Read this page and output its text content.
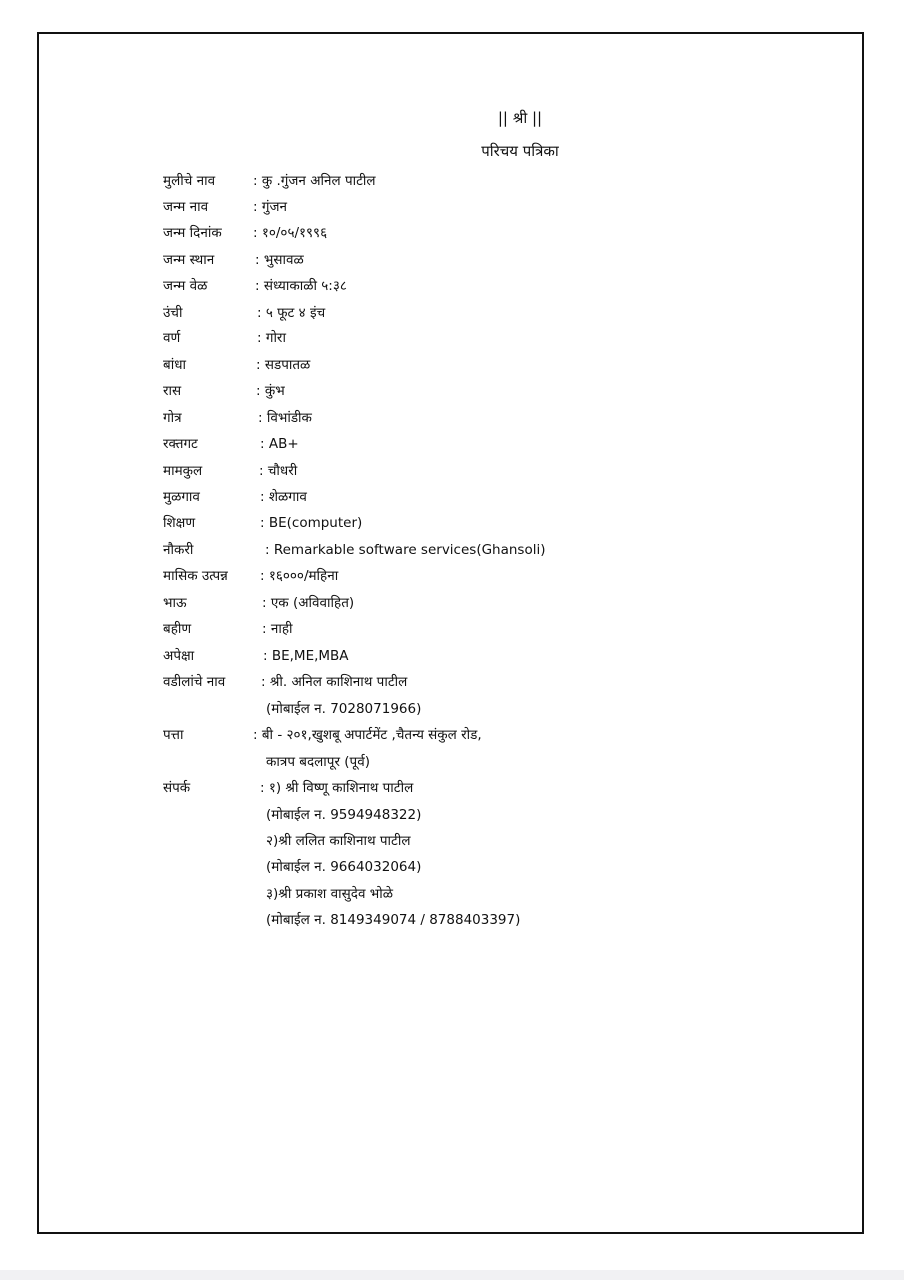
|| श्री ||
परिचय पत्रिका
मुलीचे नाव	: कु .गुंजन अनिल पाटील
जन्म नाव	: गुंजन
जन्म दिनांक : १०/०५/१९९६
जन्म स्थान	: भुसावळ
जन्म वेळ	: संध्याकाळी ५:३८
उंची	: ५ फूट ४ इंच
वर्ण	: गोरा
बांधा	: सडपातळ
रास	: कुंभ
गोत्र	: विभांडीक
रक्तगट	: AB+
मामकुल	: चौधरी
मुळगाव	: शेळगाव
शिक्षण	: BE(computer)
नौकरी	: Remarkable software services(Ghansoli)
मासिक उत्पन्न : १६०००/महिना
भाऊ	: एक (अविवाहित)
बहीण	: नाही
अपेक्षा	: BE,ME,MBA
वडीलांचे नाव	: श्री. अनिल काशिनाथ पाटील
(मोबाईल न. 7028071966)
पत्ता	: बी - २०१,खुशबू अपार्टमेंट ,चैतन्य संकुल रोड,
कात्रप बदलापूर (पूर्व)
संपर्क	: १) श्री विष्णू काशिनाथ पाटील
(मोबाईल न. 9594948322)
२)श्री ललित काशिनाथ पाटील
(मोबाईल न. 9664032064)
३)श्री प्रकाश वासुदेव भोळे
(मोबाईल न. 8149349074 / 8788403397)
